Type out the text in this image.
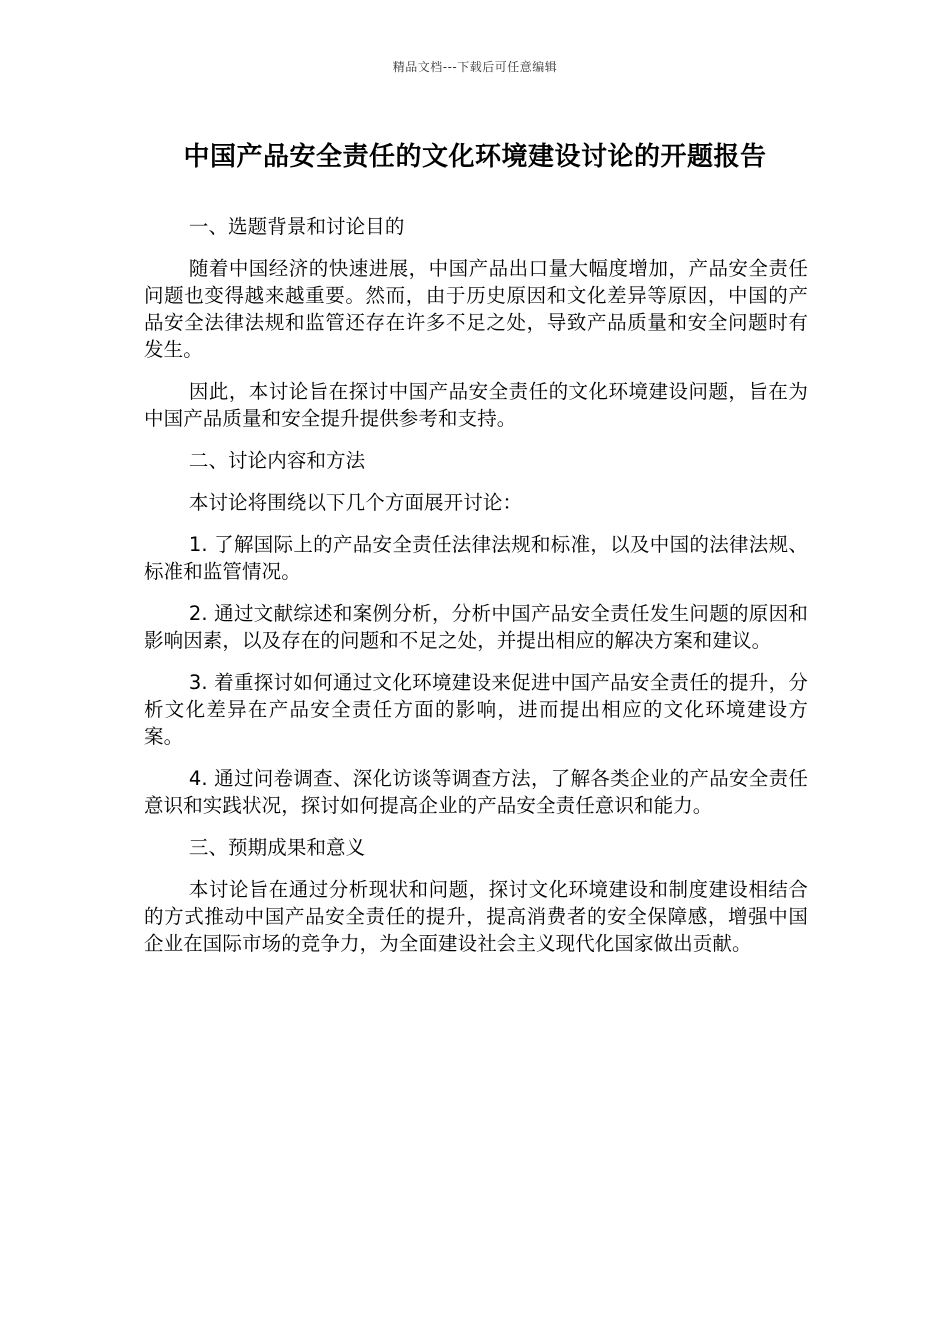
精品文档---下载后可任意编辑
中国产品安全责任的文化环境建设讨论的开题报告

一、选题背景和讨论目的

随着中国经济的快速进展，中国产品出口量大幅度增加，产品安全责任问题也变得越来越重要。然而，由于历史原因和文化差异等原因，中国的产品安全法律法规和监管还存在许多不足之处，导致产品质量和安全问题时有发生。

因此，本讨论旨在探讨中国产品安全责任的文化环境建设问题，旨在为中国产品质量和安全提升提供参考和支持。

二、讨论内容和方法

本讨论将围绕以下几个方面展开讨论：

1. 了解国际上的产品安全责任法律法规和标准，以及中国的法律法规、标准和监管情况。

2. 通过文献综述和案例分析，分析中国产品安全责任发生问题的原因和影响因素，以及存在的问题和不足之处，并提出相应的解决方案和建议。

3. 着重探讨如何通过文化环境建设来促进中国产品安全责任的提升，分析文化差异在产品安全责任方面的影响，进而提出相应的文化环境建设方案。

4. 通过问卷调查、深化访谈等调查方法，了解各类企业的产品安全责任意识和实践状况，探讨如何提高企业的产品安全责任意识和能力。

三、预期成果和意义

本讨论旨在通过分析现状和问题，探讨文化环境建设和制度建设相结合的方式推动中国产品安全责任的提升，提高消费者的安全保障感，增强中国企业在国际市场的竞争力，为全面建设社会主义现代化国家做出贡献。
